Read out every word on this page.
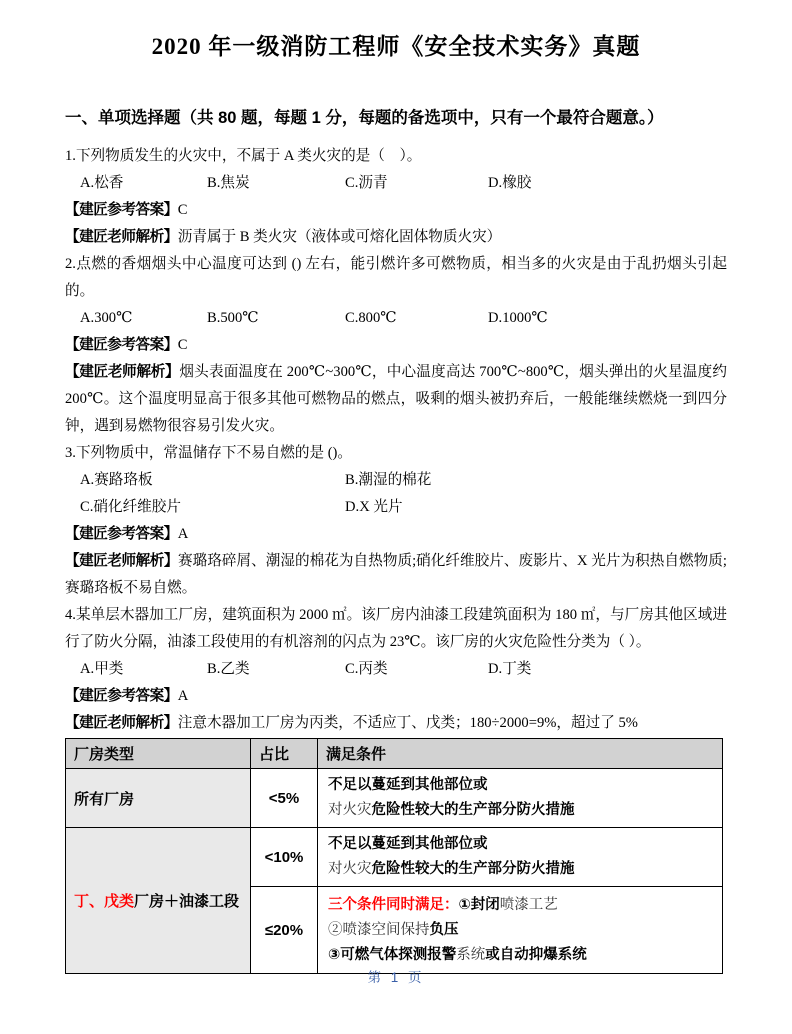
2020 年一级消防工程师《安全技术实务》真题
一、单项选择题（共 80 题，每题 1 分，每题的备选项中，只有一个最符合题意。）

1.下列物质发生的火灾中，不属于 A 类火灾的是（　）。

A.松香	B.焦炭	C.沥青	D.橡胶

【建匠参考答案】C

【建匠老师解析】沥青属于 B 类火灾（液体或可熔化固体物质火灾）

2.点燃的香烟烟头中心温度可达到 () 左右，能引燃许多可燃物质，相当多的火灾是由于乱扔烟头引起的。

A.300℃	B.500℃	C.800℃	D.1000℃

【建匠参考答案】C

【建匠老师解析】烟头表面温度在 200℃~300℃，中心温度高达 700℃~800℃，烟头弹出的火星温度约 200℃。这个温度明显高于很多其他可燃物品的燃点，吸剩的烟头被扔弃后，一般能继续燃烧一到四分钟，遇到易燃物很容易引发火灾。

3.下列物质中，常温储存下不易自燃的是 ()。

A.赛路珞板	B.潮湿的棉花
C.硝化纤维胶片	D.X 光片

【建匠参考答案】A

【建匠老师解析】赛璐珞碎屑、潮湿的棉花为自热物质;硝化纤维胶片、废影片、X 光片为积热自燃物质;赛璐珞板不易自燃。

4.某单层木器加工厂房，建筑面积为 2000 ㎡。该厂房内油漆工段建筑面积为 180 ㎡，与厂房其他区域进行了防火分隔，油漆工段使用的有机溶剂的闪点为 23℃。该厂房的火灾危险性分类为（ ）。

A.甲类	B.乙类	C.丙类	D.丁类

【建匠参考答案】A

【建匠老师解析】注意木器加工厂房为丙类，不适应丁、戊类；180÷2000=9%，超过了 5%

厂房类型	占比	满足条件
所有厂房	<5%	不足以蔓延到其他部位或
对火灾危险性较大的生产部分防火措施

丁、戊类厂房＋油漆工段	<10%	不足以蔓延到其他部位或
对火灾危险性较大的生产部分防火措施

	≤20%	三个条件同时满足：①封闭喷漆工艺
②喷漆空间保持负压
③可燃气体探测报警系统或自动抑爆系统
第 1 页
